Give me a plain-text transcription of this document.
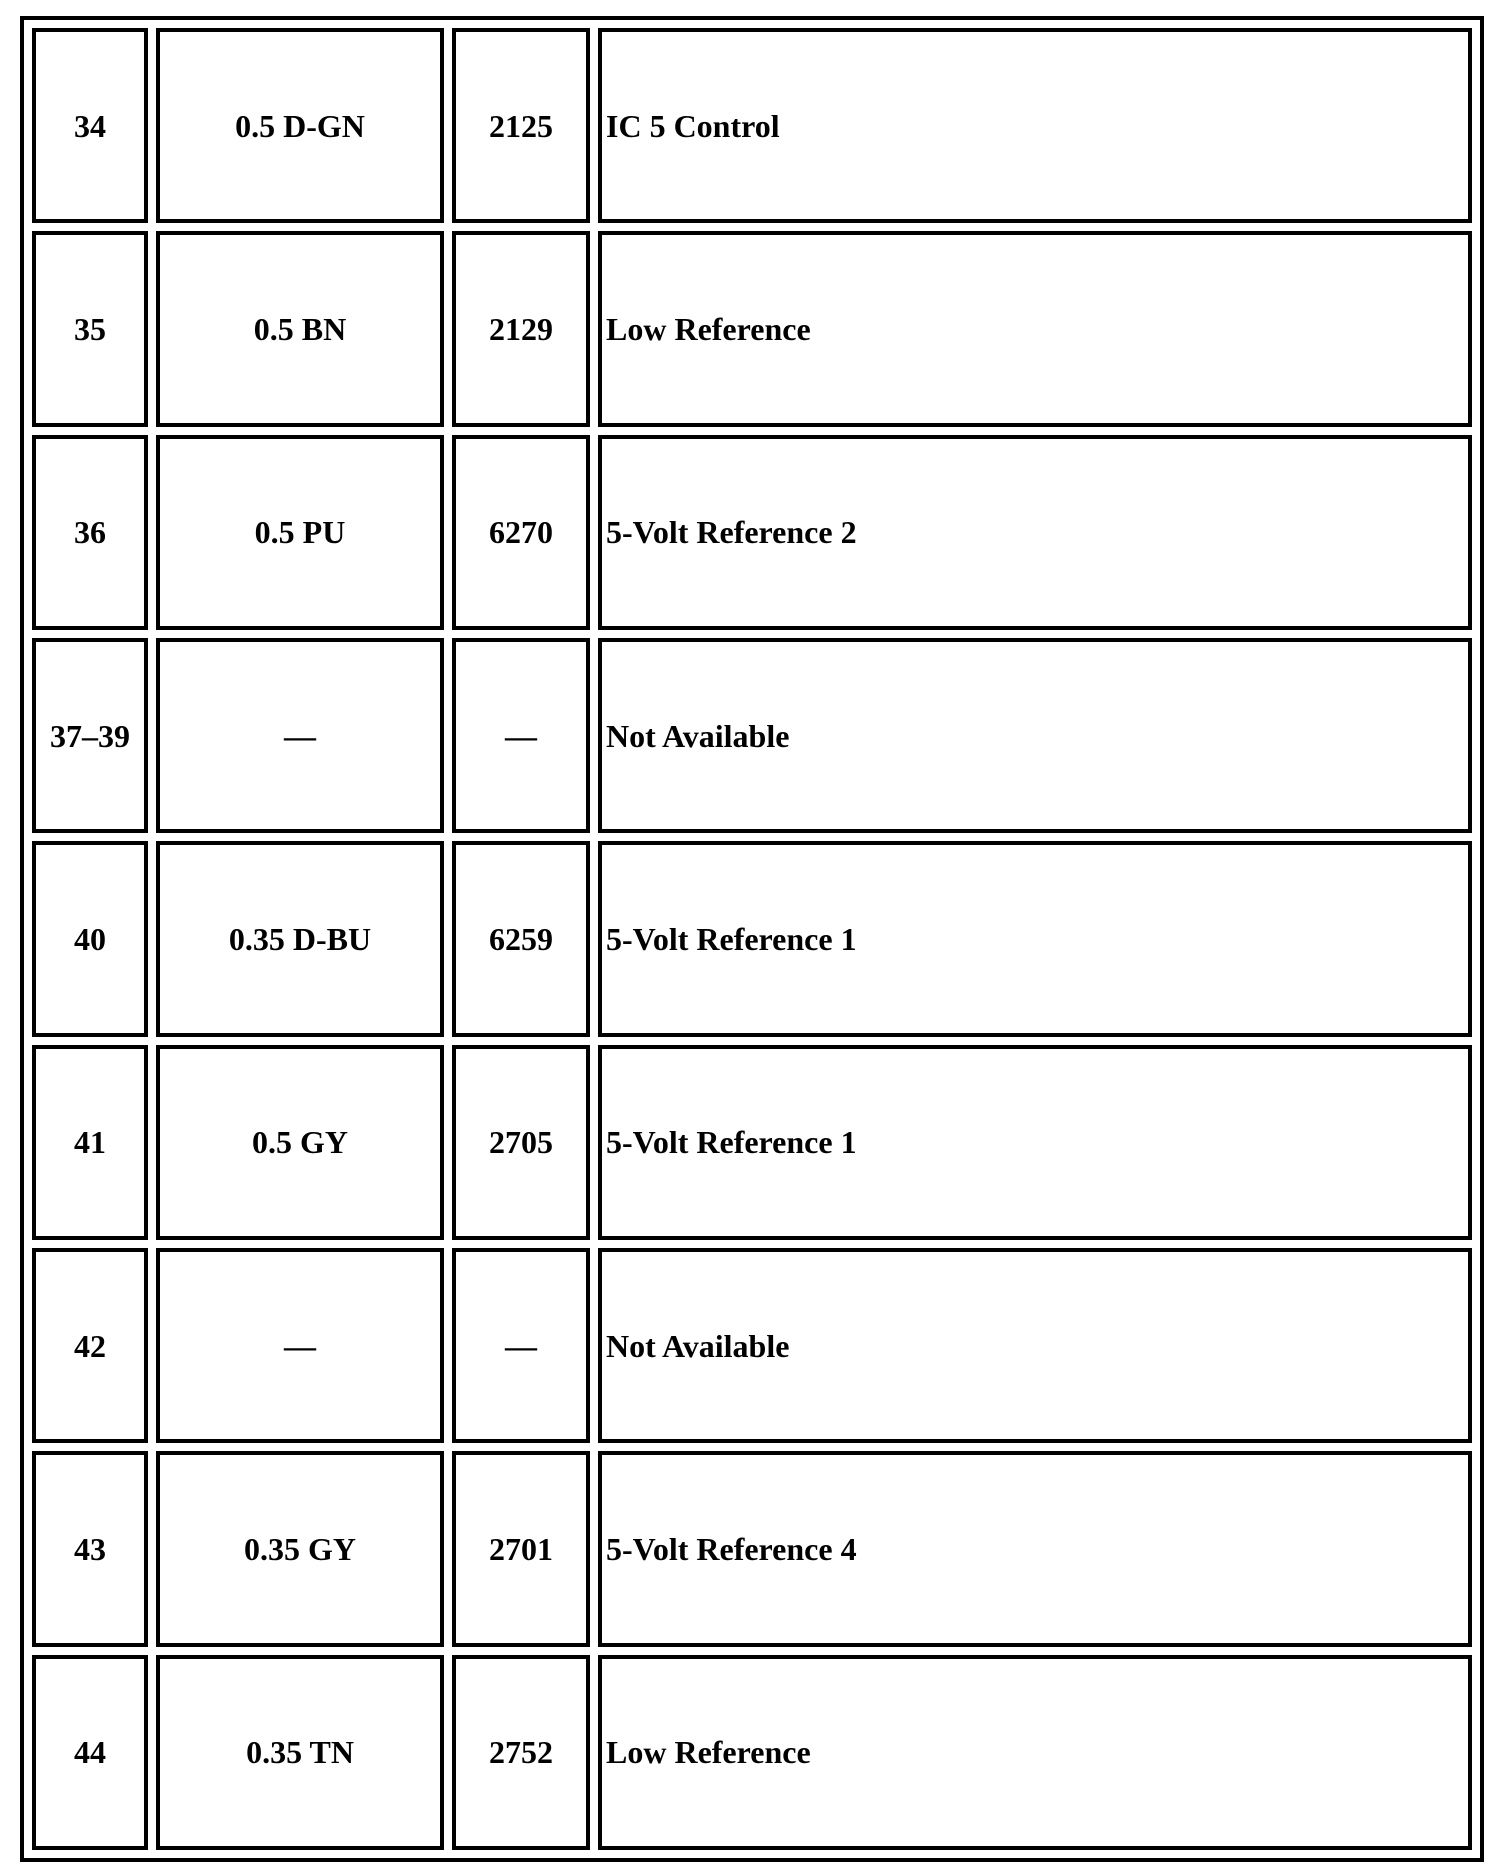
34	0.5 D-GN	2125	IC 5 Control
35	0.5 BN	2129	Low Reference
36	0.5 PU	6270	5-Volt Reference 2
37–39	—	—	Not Available
40	0.35 D-BU	6259	5-Volt Reference 1
41	0.5 GY	2705	5-Volt Reference 1
42	—	—	Not Available
43	0.35 GY	2701	5-Volt Reference 4
44	0.35 TN	2752	Low Reference
